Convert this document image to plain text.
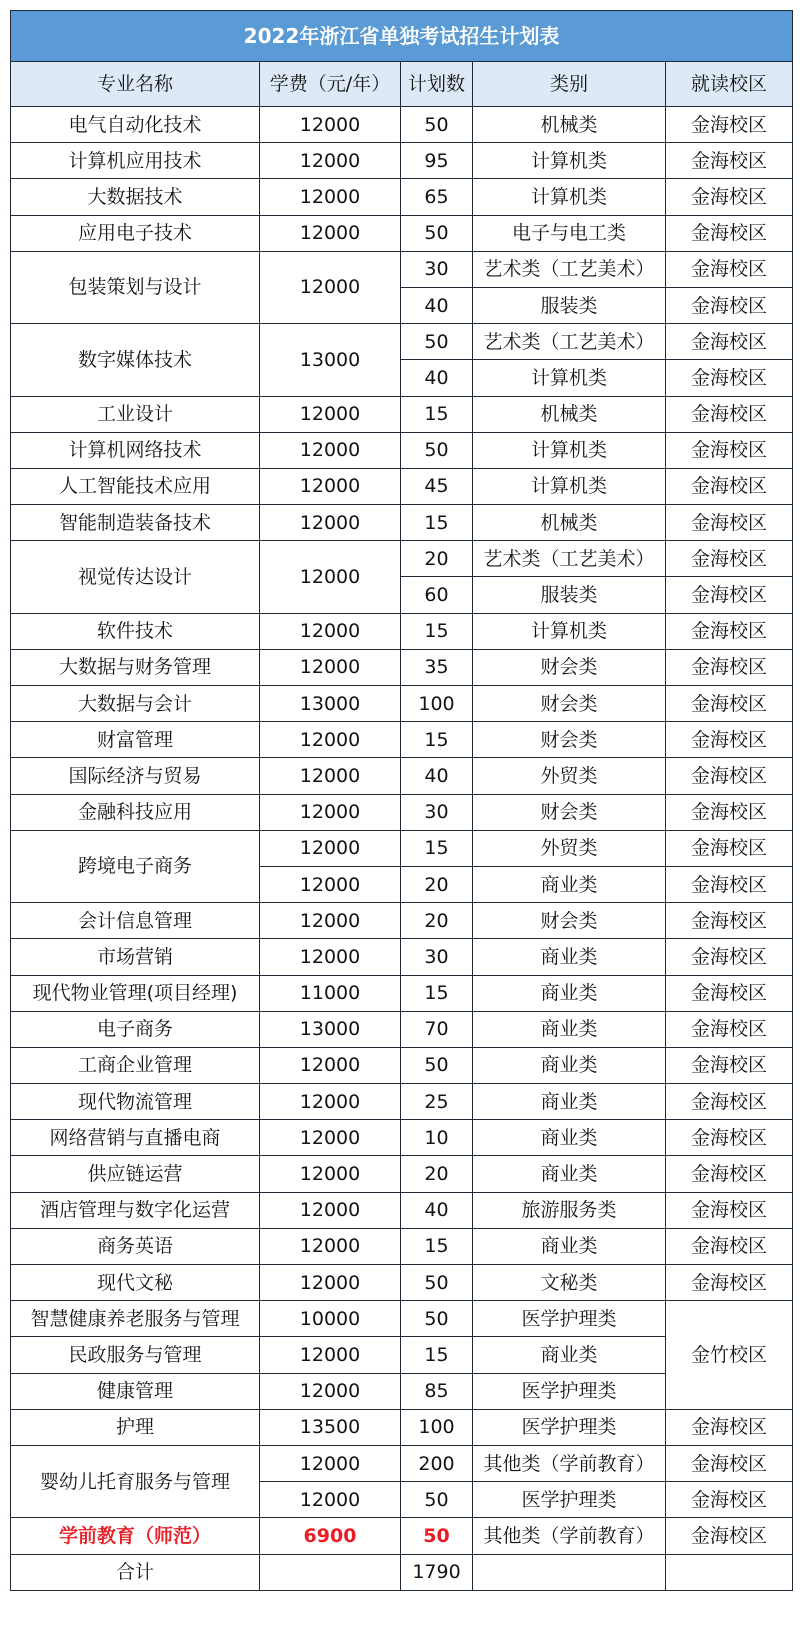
2022年浙江省单独考试招生计划表				
专业名称	学费（元/年）	计划数	类别	就读校区
电气自动化技术	12000	50	机械类	金海校区
计算机应用技术	12000	95	计算机类	金海校区
大数据技术	12000	65	计算机类	金海校区
应用电子技术	12000	50	电子与电工类	金海校区
包装策划与设计	12000	30	艺术类（工艺美术）	金海校区
		40	服装类	金海校区
数字媒体技术	13000	50	艺术类（工艺美术）	金海校区
		40	计算机类	金海校区
工业设计	12000	15	机械类	金海校区
计算机网络技术	12000	50	计算机类	金海校区
人工智能技术应用	12000	45	计算机类	金海校区
智能制造装备技术	12000	15	机械类	金海校区
视觉传达设计	12000	20	艺术类（工艺美术）	金海校区
		60	服装类	金海校区
软件技术	12000	15	计算机类	金海校区
大数据与财务管理	12000	35	财会类	金海校区
大数据与会计	13000	100	财会类	金海校区
财富管理	12000	15	财会类	金海校区
国际经济与贸易	12000	40	外贸类	金海校区
金融科技应用	12000	30	财会类	金海校区
跨境电子商务	12000	15	外贸类	金海校区
	12000	20	商业类	金海校区
会计信息管理	12000	20	财会类	金海校区
市场营销	12000	30	商业类	金海校区
现代物业管理(项目经理)	11000	15	商业类	金海校区
电子商务	13000	70	商业类	金海校区
工商企业管理	12000	50	商业类	金海校区
现代物流管理	12000	25	商业类	金海校区
网络营销与直播电商	12000	10	商业类	金海校区
供应链运营	12000	20	商业类	金海校区
酒店管理与数字化运营	12000	40	旅游服务类	金海校区
商务英语	12000	15	商业类	金海校区
现代文秘	12000	50	文秘类	金海校区
智慧健康养老服务与管理	10000	50	医学护理类	金竹校区
民政服务与管理	12000	15	商业类	
健康管理	12000	85	医学护理类	
护理	13500	100	医学护理类	金海校区
婴幼儿托育服务与管理	12000	200	其他类（学前教育）	金海校区
	12000	50	医学护理类	金海校区
学前教育（师范）	6900	50	其他类（学前教育）	金海校区
合计		1790		
